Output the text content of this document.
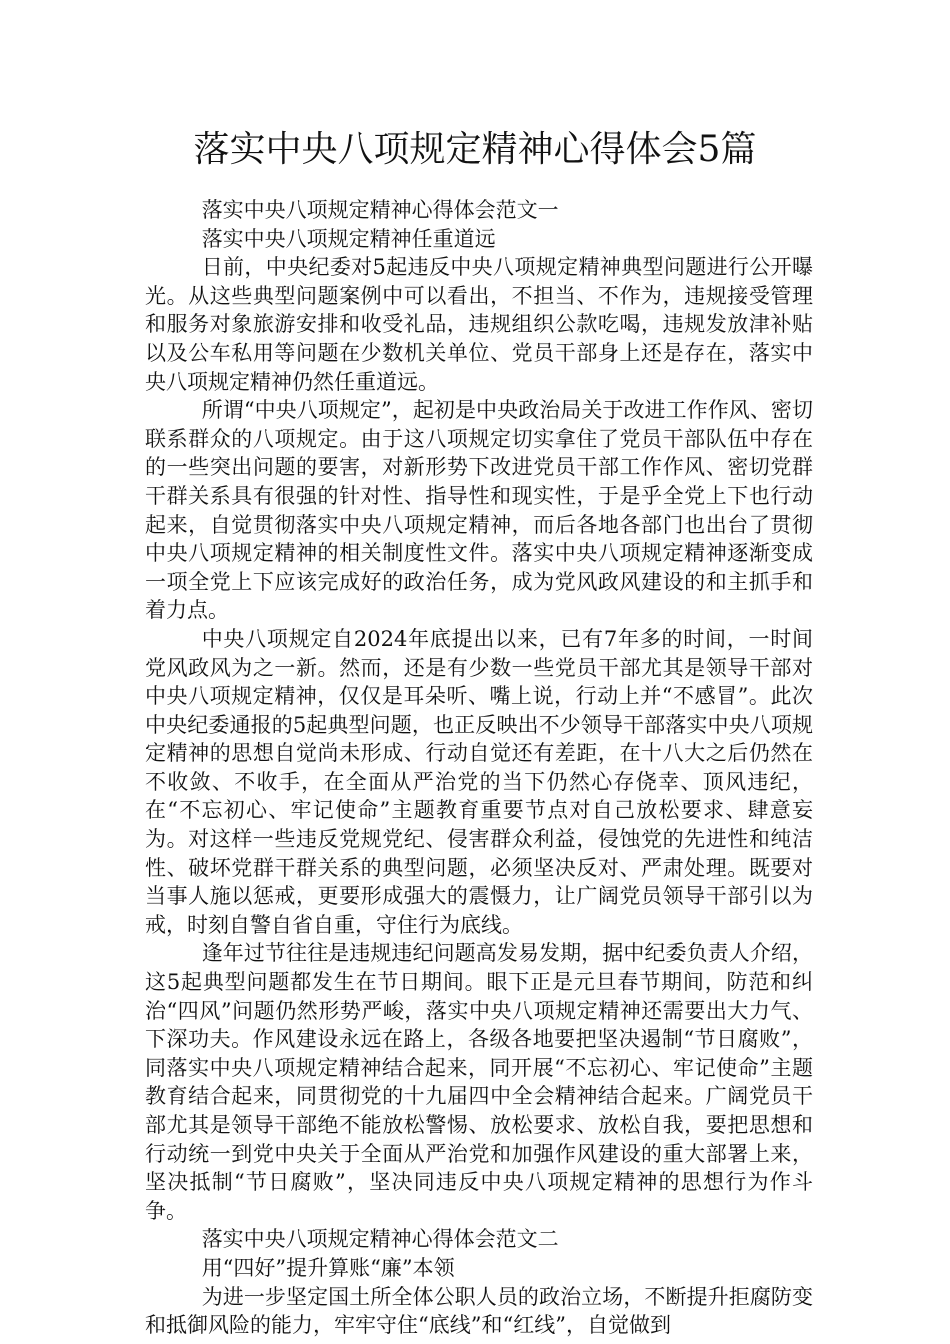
落实中央八项规定精神心得体会5篇

落实中央八项规定精神心得体会范文一

落实中央八项规定精神任重道远

日前，中央纪委对5起违反中央八项规定精神典型问题进行公开曝光。从这些典型问题案例中可以看出，不担当、不作为，违规接受管理和服务对象旅游安排和收受礼品，违规组织公款吃喝，违规发放津补贴以及公车私用等问题在少数机关单位、党员干部身上还是存在，落实中央八项规定精神仍然任重道远。

所谓“中央八项规定”，起初是中央政治局关于改进工作作风、密切联系群众的八项规定。由于这八项规定切实拿住了党员干部队伍中存在的一些突出问题的要害，对新形势下改进党员干部工作作风、密切党群干群关系具有很强的针对性、指导性和现实性，于是乎全党上下也行动起来，自觉贯彻落实中央八项规定精神，而后各地各部门也出台了贯彻中央八项规定精神的相关制度性文件。落实中央八项规定精神逐渐变成一项全党上下应该完成好的政治任务，成为党风政风建设的和主抓手和着力点。

中央八项规定自2024年底提出以来，已有7年多的时间，一时间党风政风为之一新。然而，还是有少数一些党员干部尤其是领导干部对中央八项规定精神，仅仅是耳朵听、嘴上说，行动上并“不感冒”。此次中央纪委通报的5起典型问题，也正反映出不少领导干部落实中央八项规定精神的思想自觉尚未形成、行动自觉还有差距，在十八大之后仍然在不收敛、不收手，在全面从严治党的当下仍然心存侥幸、顶风违纪，在“不忘初心、牢记使命”主题教育重要节点对自己放松要求、肆意妄为。对这样一些违反党规党纪、侵害群众利益，侵蚀党的先进性和纯洁性、破坏党群干群关系的典型问题，必须坚决反对、严肃处理。既要对当事人施以惩戒，更要形成强大的震慑力，让广阔党员领导干部引以为戒，时刻自警自省自重，守住行为底线。

逢年过节往往是违规违纪问题高发易发期，据中纪委负责人介绍，这5起典型问题都发生在节日期间。眼下正是元旦春节期间，防范和纠治“四风”问题仍然形势严峻，落实中央八项规定精神还需要出大力气、下深功夫。作风建设永远在路上，各级各地要把坚决遏制“节日腐败”，同落实中央八项规定精神结合起来，同开展“不忘初心、牢记使命”主题教育结合起来，同贯彻党的十九届四中全会精神结合起来。广阔党员干部尤其是领导干部绝不能放松警惕、放松要求、放松自我，要把思想和行动统一到党中央关于全面从严治党和加强作风建设的重大部署上来，坚决抵制“节日腐败”，坚决同违反中央八项规定精神的思想行为作斗争。

落实中央八项规定精神心得体会范文二

用“四好”提升算账“廉”本领

为进一步坚定国土所全体公职人员的政治立场，不断提升拒腐防变和抵御风险的能力，牢牢守住“底线”和“红线”，自觉做到
